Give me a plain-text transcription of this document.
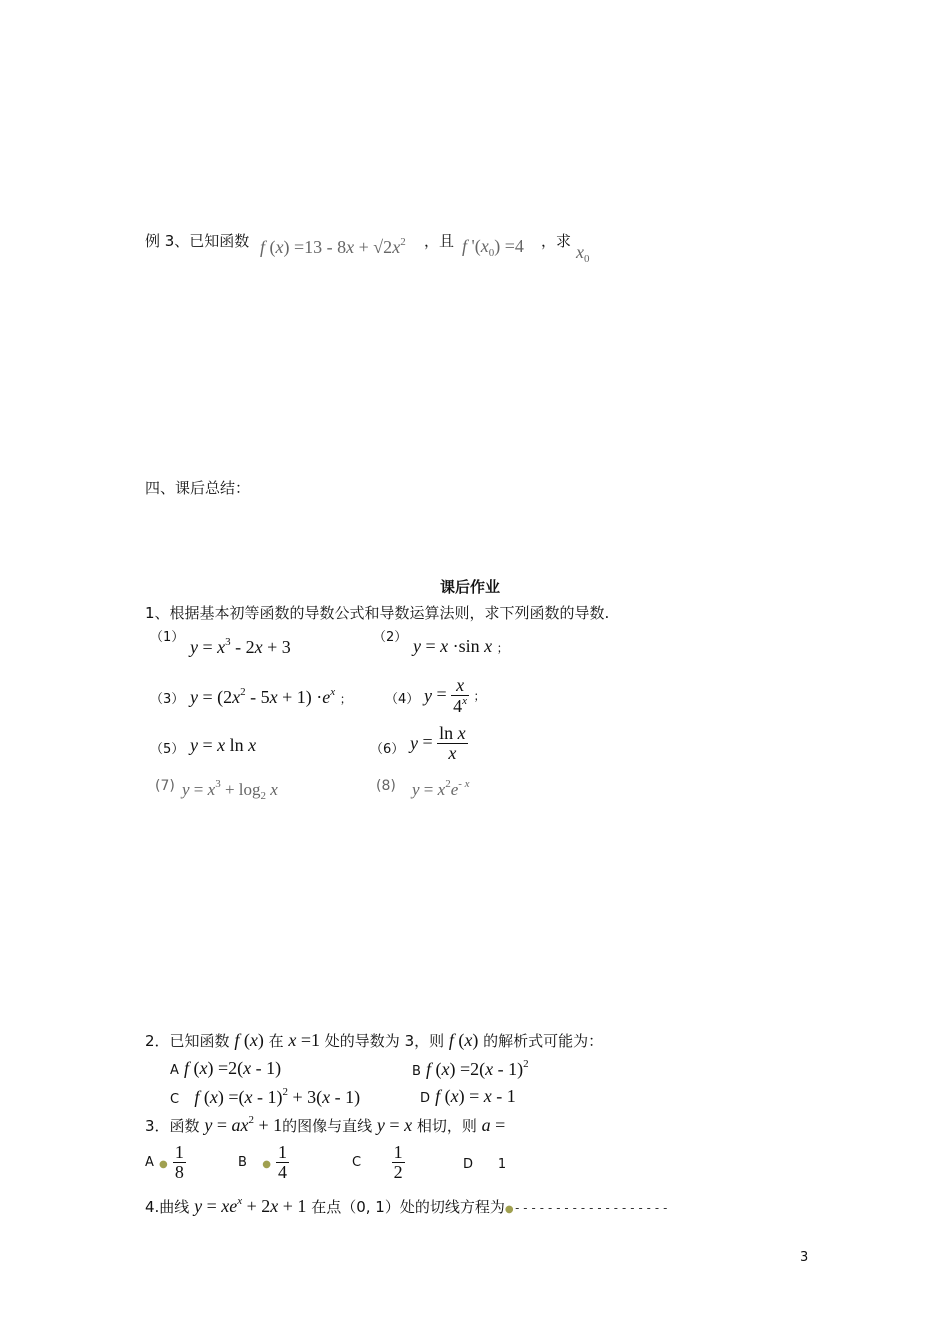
例 3、已知函数 f $(x) =13 - 8x + √2x^2$ ，且 f '$(x_0) =4$ ，求
$x_0$
四、课后总结：
课后作业
1、根据基本初等函数的导数公式和导数运算法则，求下列函数的导数.
（1） $y = x^3 - 2x + 3$	（2） y = x ·sin x ；
（3） $y = (2x^2 - 5x + 1) \cdot e^x$ ；	（4） $y = \frac{x}{4^x}$ ；
（5） y = x ln x	（6） $y = \frac{\text{ln x}}{x}$
(7) $y = x^3 + \log_2 x$	(8) $y = x^2e^{- x}$
2．已知函数 f (x) 在 x =1 处的导数为 3，则 f (x) 的解析式可能为：
A f (x) =2(x - 1)	B f (x) =2(x - 1)$^2$
C f (x) =(x - 1)$^2$ + 3(x - 1)	D f (x) = x - 1
3．函数 $y = ax^2 + 1$的图像与直线 y = x 相切，则 a =
A ● $\frac{1}{8}$	B ● $\frac{1}{4}$	C $\frac{1}{2}$	D 1
4.曲线 $y = xe^x + 2x + 1$ 在点（0, 1）处的切线方程为●-------------------
3
